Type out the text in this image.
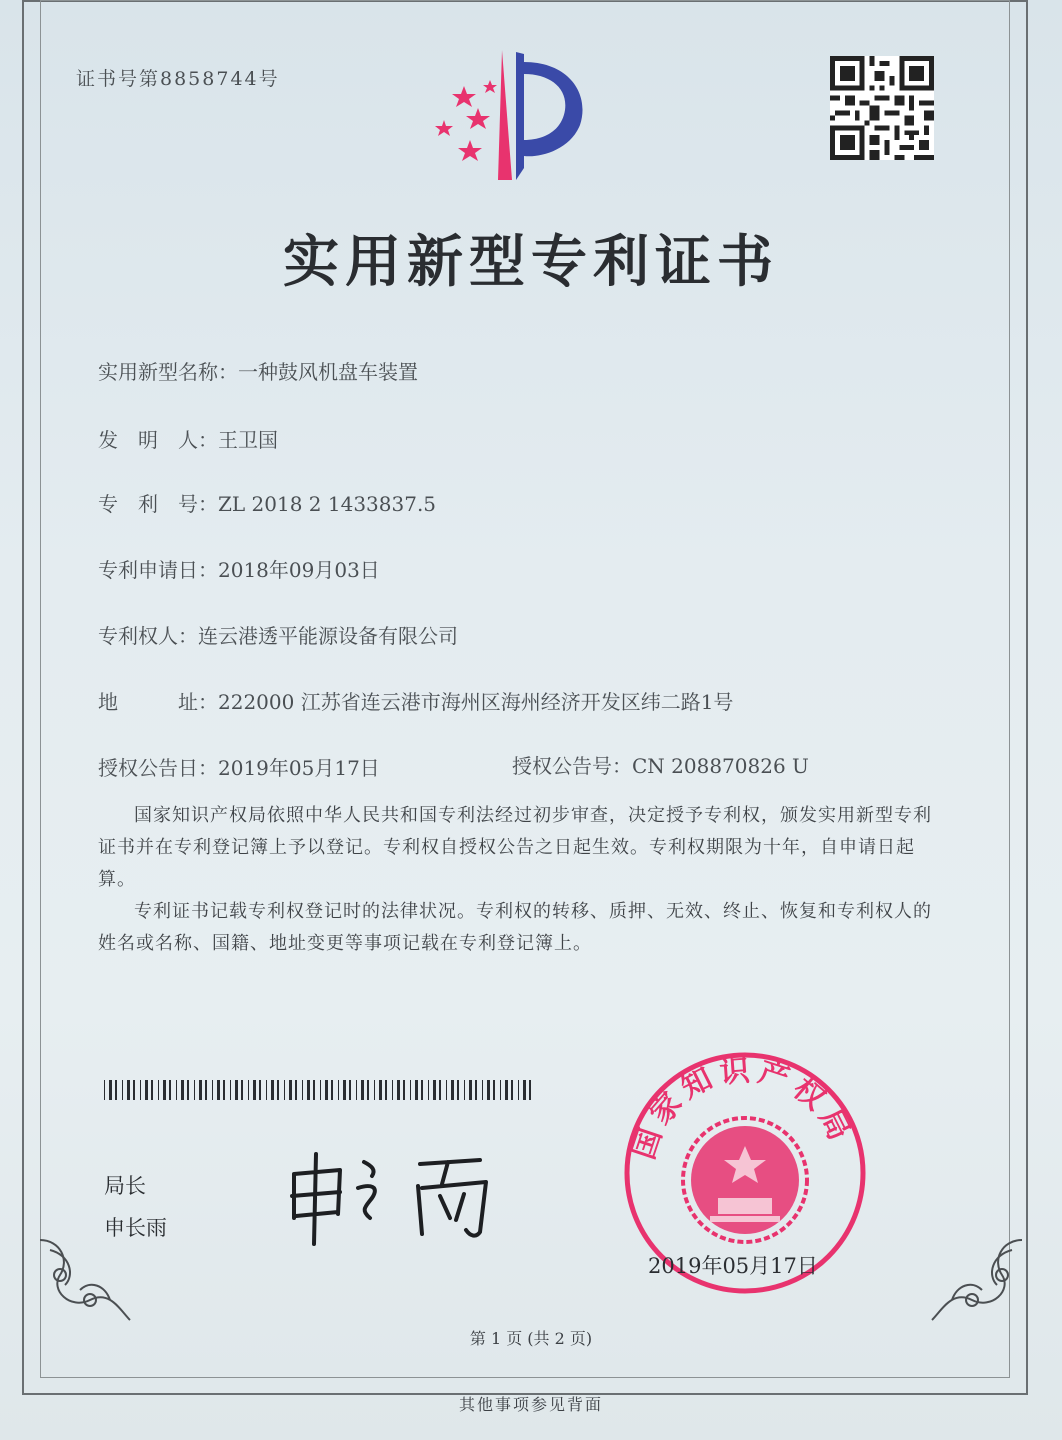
证书号第8858744号
实用新型专利证书
实用新型名称：一种鼓风机盘车装置
发　明　人：王卫国
专　利　号：ZL 2018 2 1433837.5
专利申请日：2018年09月03日
专利权人：连云港透平能源设备有限公司
地　　　址：222000 江苏省连云港市海州区海州经济开发区纬二路1号
授权公告日：2019年05月17日	授权公告号：CN 208870826 U
国家知识产权局依照中华人民共和国专利法经过初步审查，决定授予专利权，颁发实用新型专利证书并在专利登记簿上予以登记。专利权自授权公告之日起生效。专利权期限为十年，自申请日起算。
专利证书记载专利权登记时的法律状况。专利权的转移、质押、无效、终止、恢复和专利权人的姓名或名称、国籍、地址变更等事项记载在专利登记簿上。
局长
申长雨
国家知识产权局
2019年05月17日
第 1 页 (共 2 页)
其他事项参见背面
